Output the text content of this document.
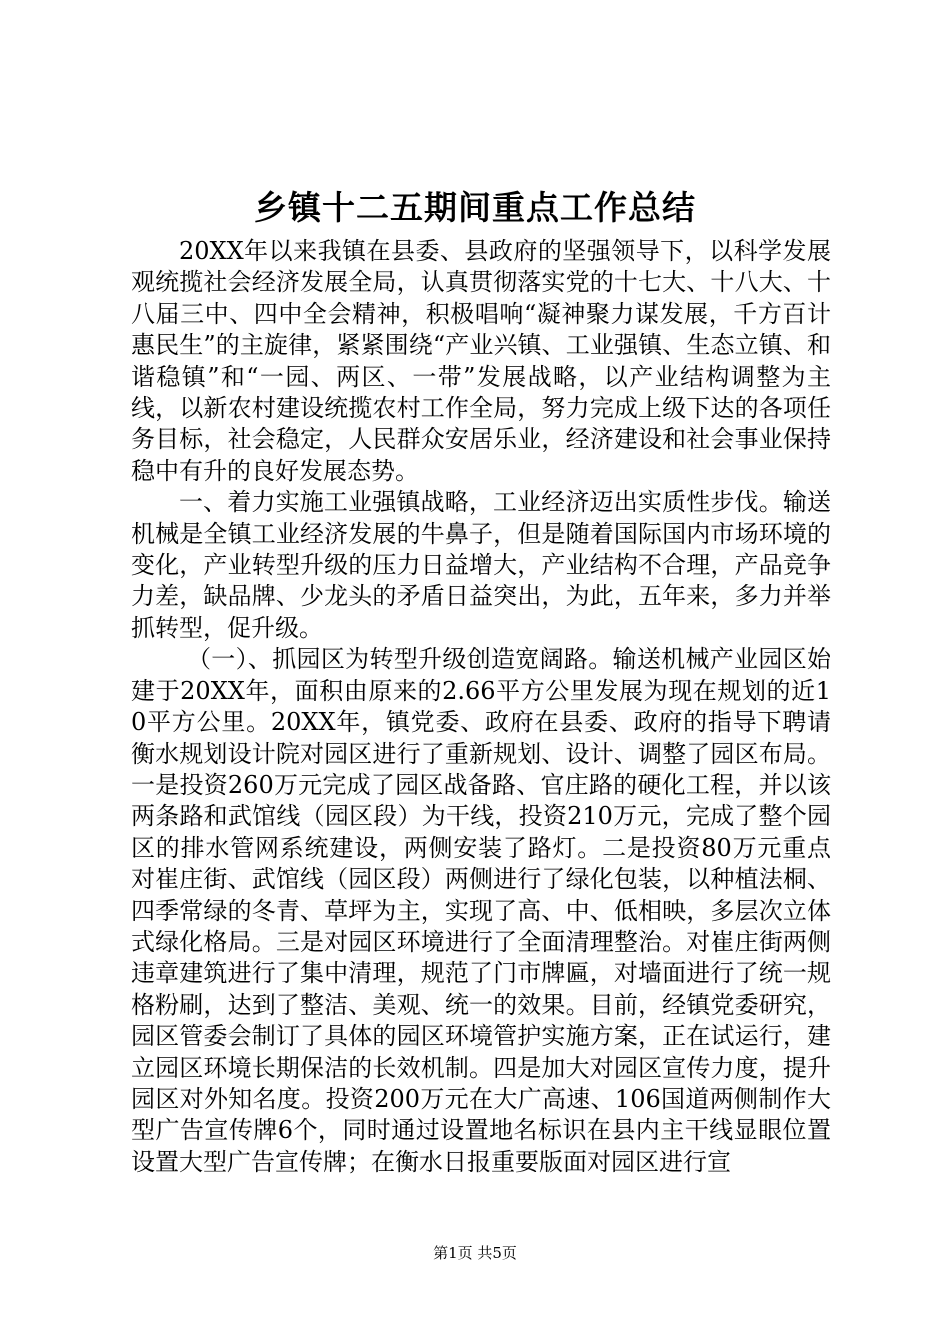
乡镇十二五期间重点工作总结

20XX年以来我镇在县委、县政府的坚强领导下，以科学发展观统揽社会经济发展全局，认真贯彻落实党的十七大、十八大、十八届三中、四中全会精神，积极唱响“凝神聚力谋发展，千方百计惠民生”的主旋律，紧紧围绕“产业兴镇、工业强镇、生态立镇、和谐稳镇”和“一园、两区、一带”发展战略，以产业结构调整为主线，以新农村建设统揽农村工作全局，努力完成上级下达的各项任务目标，社会稳定，人民群众安居乐业，经济建设和社会事业保持稳中有升的良好发展态势。

一、着力实施工业强镇战略，工业经济迈出实质性步伐。输送机械是全镇工业经济发展的牛鼻子，但是随着国际国内市场环境的变化，产业转型升级的压力日益增大，产业结构不合理，产品竞争力差，缺品牌、少龙头的矛盾日益突出，为此，五年来，多力并举抓转型，促升级。

（一）、抓园区为转型升级创造宽阔路。输送机械产业园区始建于20XX年，面积由原来的2.66平方公里发展为现在规划的近10平方公里。20XX年，镇党委、政府在县委、政府的指导下聘请衡水规划设计院对园区进行了重新规划、设计、调整了园区布局。一是投资260万元完成了园区战备路、官庄路的硬化工程，并以该两条路和武馆线（园区段）为干线，投资210万元，完成了整个园区的排水管网系统建设，两侧安装了路灯。二是投资80万元重点对崔庄街、武馆线（园区段）两侧进行了绿化包装，以种植法桐、四季常绿的冬青、草坪为主，实现了高、中、低相映，多层次立体式绿化格局。三是对园区环境进行了全面清理整治。对崔庄街两侧违章建筑进行了集中清理，规范了门市牌匾，对墙面进行了统一规格粉刷，达到了整洁、美观、统一的效果。目前，经镇党委研究，园区管委会制订了具体的园区环境管护实施方案，正在试运行，建立园区环境长期保洁的长效机制。四是加大对园区宣传力度，提升园区对外知名度。投资200万元在大广高速、106国道两侧制作大型广告宣传牌6个，同时通过设置地名标识在县内主干线显眼位置设置大型广告宣传牌；在衡水日报重要版面对园区进行宣

第1页 共5页
